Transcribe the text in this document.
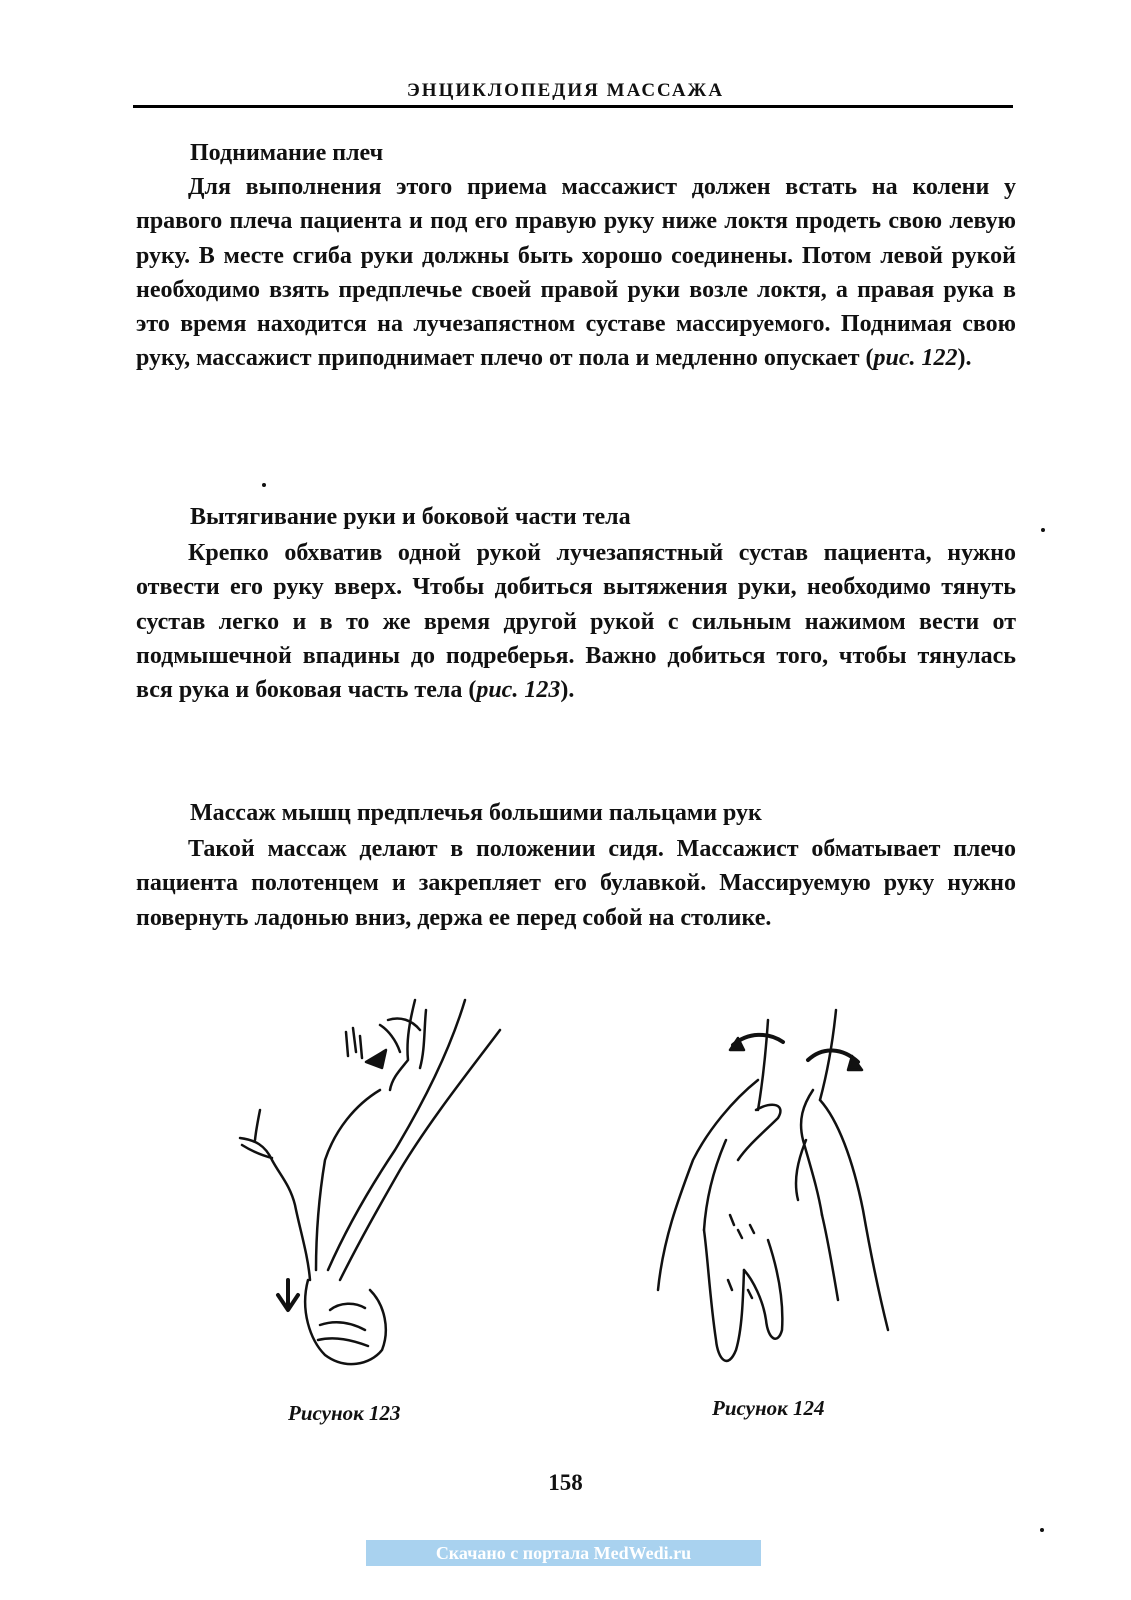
ЭНЦИКЛОПЕДИЯ МАССАЖА
Поднимание плеч

Для выполнения этого приема массажист должен встать на колени у правого плеча пациента и под его правую руку ниже локтя продеть свою левую руку. В месте сгиба руки должны быть хорошо соединены. Потом левой рукой необходимо взять предплечье своей правой руки возле локтя, а правая рука в это время находится на лучезапястном суставе массируемого. Поднимая свою руку, массажист приподнимает плечо от пола и медленно опускает (рис. 122).

Вытягивание руки и боковой части тела

Крепко обхватив одной рукой лучезапястный сустав пациента, нужно отвести его руку вверх. Чтобы добиться вытяжения руки, необходимо тянуть сустав легко и в то же время другой рукой с сильным нажимом вести от подмышечной впадины до подреберья. Важно добиться того, чтобы тянулась вся рука и боковая часть тела (рис. 123).

Массаж мышц предплечья большими пальцами рук

Такой массаж делают в положении сидя. Массажист обматывает плечо пациента полотенцем и закрепляет его булавкой. Массируемую руку нужно повернуть ладонью вниз, держа ее перед собой на столике.

Рисунок 123	Рисунок 124
158
Скачано с портала MedWedi.ru
